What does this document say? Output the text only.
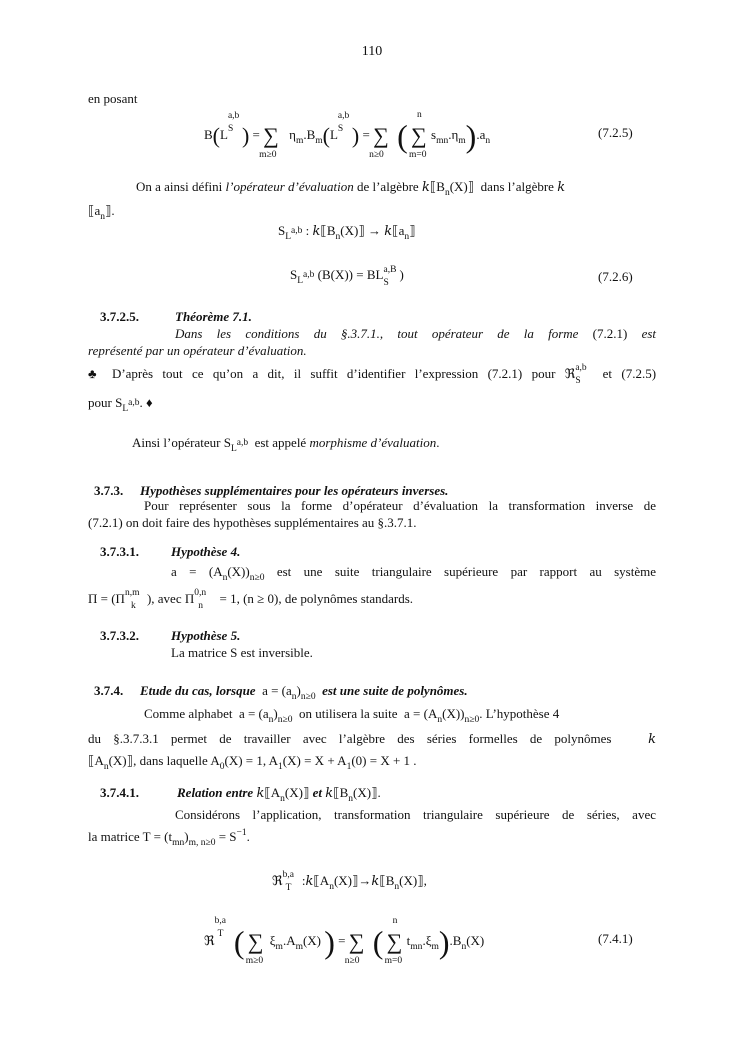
110
en posant
B(L
a,b
S ) = ∑
m≥0
$\eta_m.B_m(L$
a,b
S ) = ∑
n≥0
(
n
∑
m=0
$s_{mn}.\eta_m).a_n$
(7.2.5)
On a ainsi défini l’opérateur d’évaluation de l’algèbre $k⟦B_n(X)⟧$ dans l’algèbre k
$⟦a_n⟧$.
$S_{La,b}$ : $k⟦B_n(X)⟧$ → $k⟦a_n⟧$
$S_{La,b}$ (B(X)) = BL a,B
S
)	(7.2.6)
3.7.2.5.	Théorème 7.1.
Dans les conditions du §.3.7.1., tout opérateur de la forme (7.2.1) est
représenté par un opérateur d’évaluation.
♣ D’après tout ce qu’on a dit, il suffit d’identifier l’expression (7.2.1) pour ℜ a,b
S et (7.2.5)
pour $S_{La,b}$. ♦
Ainsi l’opérateur $S_{La,b}$ est appelé morphisme d’évaluation.
3.7.3. Hypothèses supplémentaires pour les opérateurs inverses.
Pour représenter sous la forme d’opérateur d’évaluation la transformation inverse de
(7.2.1) on doit faire des hypothèses supplémentaires au §.3.7.1.
3.7.3.1. Hypothèse 4.
$a = (A_n(X))_{n\ge 0}$ est une suite triangulaire supérieure par rapport au système
Π = (Π n,m
k ), avec Π 0,n
n = 1, (n ≥ 0), de polynômes standards.
3.7.3.2. Hypothèse 5.
La matrice S est inversible.
3.7.4. Etude du cas, lorsque $a = (a_n)_{n\ge 0}$ est une suite de polynômes.
Comme alphabet $a = (a_n)_{n\ge 0}$ on utilisera la suite $a = (A_n(X))_{n\ge 0}$. L’hypothèse 4
du §.3.7.3.1 permet de travailler avec l’algèbre des séries formelles de polynômes	k
$⟦A_n(X)⟧$, dans laquelle $A_0(X) = 1$, $A_1(X) = X + A_1(0) = X + 1$ .
3.7.4.1.	Relation entre $k⟦A_n(X)⟧$ et $k⟦B_n(X)⟧$.
Considérons l’application, transformation triangulaire supérieure de séries, avec
la matrice $T = (t_{mn})_{m, n\ge 0} = S^{-1}$.
ℜ b,a
T $:k⟦A_n(X)⟧\to k⟦B_n(X)⟧$,
ℜ
b,a
T ( ∑
m≥0
$\xi_m.A_m(X)$ ) = ∑
n≥0
(
n
∑
m=0
$t_{mn}.\xi_m).B_n(X)$	(7.4.1)
